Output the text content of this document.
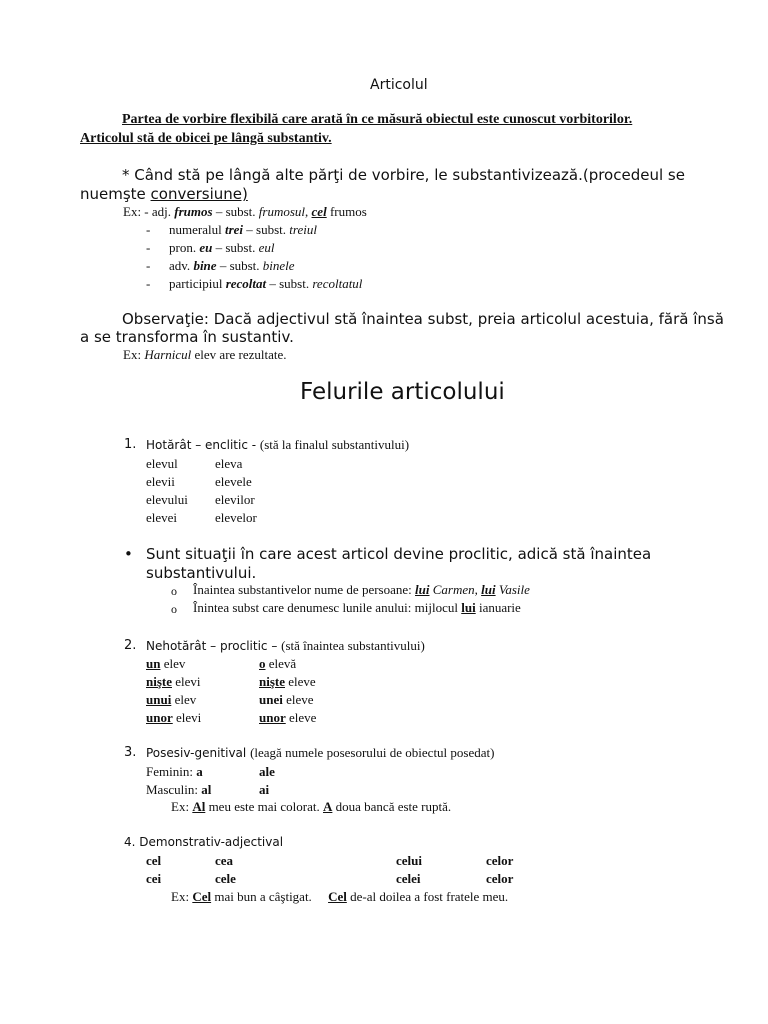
Articolul
Partea de vorbire flexibilă care arată în ce măsură obiectul este cunoscut vorbitorilor.
Articolul stă de obicei pe lângă substantiv.
* Când stă pe lângă alte părţi de vorbire, le substantivizează.(procedeul se
nuemşte conversiune)
Ex: - adj. frumos – subst. frumosul, cel frumos
- numeralul trei – subst. treiul
- pron. eu – subst. eul
- adv. bine – subst. binele
- participiul recoltat – subst. recoltatul
Observaţie: Dacă adjectivul stă înaintea subst, preia articolul acestuia, fără însă
a se transforma în sustantiv.
Ex: Harnicul elev are rezultate.
Felurile articolului
1. Hotărât – enclitic - (stă la finalul substantivului)
elevul	eleva
elevii	elevele
elevului elevilor
elevei	elevelor
• Sunt situaţii în care acest articol devine proclitic, adică stă înaintea
substantivului.
o Înaintea substantivelor nume de persoane: lui Carmen, lui Vasile
o Înintea subst care denumesc lunile anului: mijlocul lui ianuarie
2. Nehotărât – proclitic – (stă înaintea substantivului)
un elev	o elevă
nişte elevi	nişte eleve
unui elev	unei eleve
unor elevi	unor eleve
3. Posesiv-genitival (leagă numele posesorului de obiectul posedat)
Feminin: a	ale
Masculin: al	ai
Ex: Al meu este mai colorat. A doua bancă este ruptă.
4. Demonstrativ-adjectival
cel	cea	celui	celor
cei	cele	celei	celor
Ex: Cel mai bun a câştigat.     Cel de-al doilea a fost fratele meu.
